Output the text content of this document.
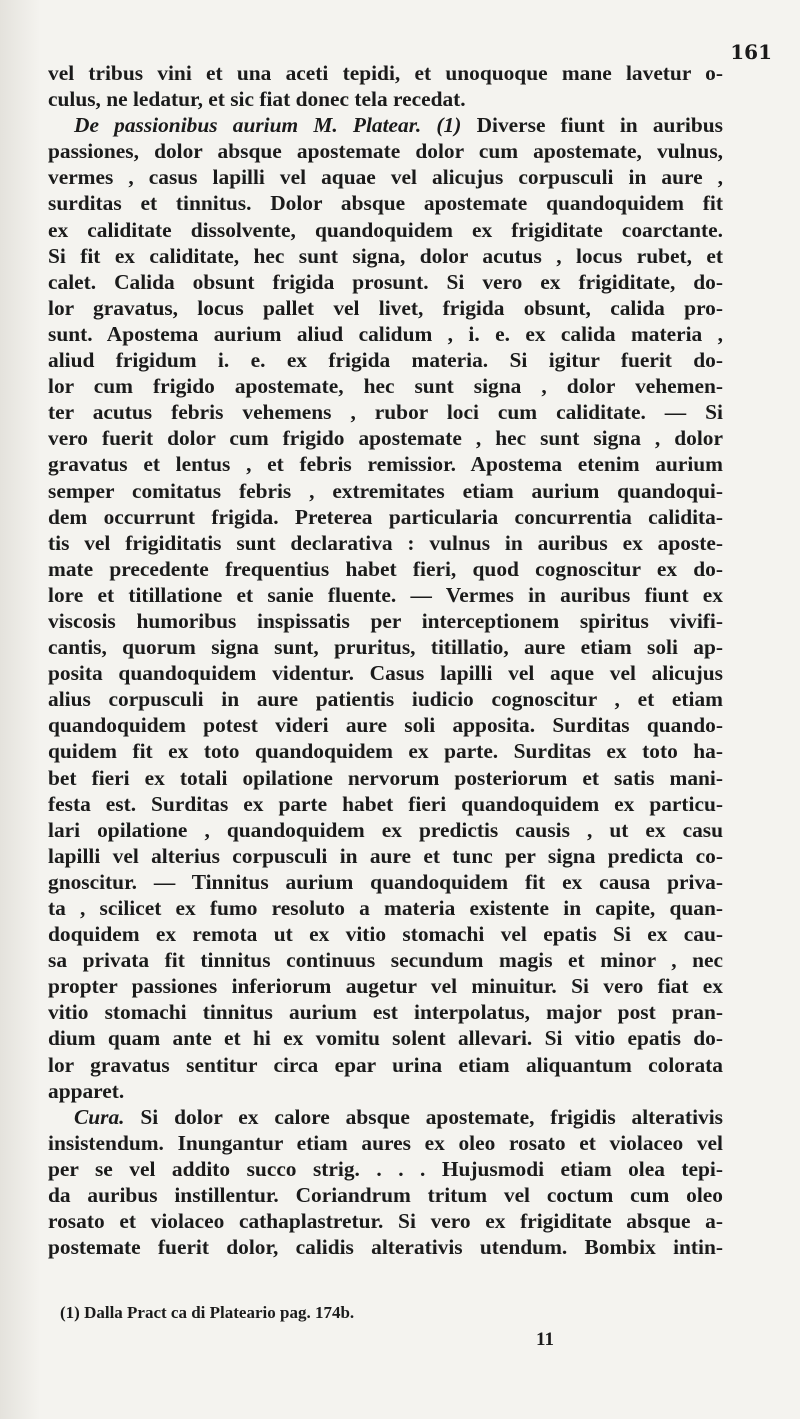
161

vel tribus vini et una aceti tepidi, et unoquoque mane lavetur o-

culus, ne ledatur, et sic fiat donec tela recedat.

De passionibus aurium M. Platear. (1) Diverse fiunt in auribus

passiones, dolor absque apostemate dolor cum apostemate, vulnus,

vermes , casus lapilli vel aquae vel alicujus corpusculi in aure ,

surditas et tinnitus. Dolor absque apostemate quandoquidem fit

ex caliditate dissolvente, quandoquidem ex frigiditate coarctante.

Si fit ex caliditate, hec sunt signa, dolor acutus , locus rubet, et

calet. Calida obsunt frigida prosunt. Si vero ex frigiditate, do-

lor gravatus, locus pallet vel livet, frigida obsunt, calida pro-

sunt. Apostema aurium aliud calidum , i. e. ex calida materia ,

aliud frigidum i. e. ex frigida materia. Si igitur fuerit do-

lor cum frigido apostemate, hec sunt signa , dolor vehemen-

ter acutus febris vehemens , rubor loci cum caliditate. — Si

vero fuerit dolor cum frigido apostemate , hec sunt signa , dolor

gravatus et lentus , et febris remissior. Apostema etenim aurium

semper comitatus febris , extremitates etiam aurium quandoqui-

dem occurrunt frigida. Preterea particularia concurrentia calidita-

tis vel frigiditatis sunt declarativa : vulnus in auribus ex aposte-

mate precedente frequentius habet fieri, quod cognoscitur ex do-

lore et titillatione et sanie fluente. — Vermes in auribus fiunt ex

viscosis humoribus inspissatis per interceptionem spiritus vivifi-

cantis, quorum signa sunt, pruritus, titillatio, aure etiam soli ap-

posita quandoquidem videntur. Casus lapilli vel aque vel alicujus

alius corpusculi in aure patientis iudicio cognoscitur , et etiam

quandoquidem potest videri aure soli apposita. Surditas quando-

quidem fit ex toto quandoquidem ex parte. Surditas ex toto ha-

bet fieri ex totali opilatione nervorum posteriorum et satis mani-

festa est. Surditas ex parte habet fieri quandoquidem ex particu-

lari opilatione , quandoquidem ex predictis causis , ut ex casu

lapilli vel alterius corpusculi in aure et tunc per signa predicta co-

gnoscitur. — Tinnitus aurium quandoquidem fit ex causa priva-

ta , scilicet ex fumo resoluto a materia existente in capite, quan-

doquidem ex remota ut ex vitio stomachi vel epatis Si ex cau-

sa privata fit tinnitus continuus secundum magis et minor , nec

propter passiones inferiorum augetur vel minuitur. Si vero fiat ex

vitio stomachi tinnitus aurium est interpolatus, major post pran-

dium quam ante et hi ex vomitu solent allevari. Si vitio epatis do-

lor gravatus sentitur circa epar urina etiam aliquantum colorata

apparet.

Cura. Si dolor ex calore absque apostemate, frigidis alterativis

insistendum. Inungantur etiam aures ex oleo rosato et violaceo vel

per se vel addito succo strig. . . . Hujusmodi etiam olea tepi-

da auribus instillentur. Coriandrum tritum vel coctum cum oleo

rosato et violaceo cathaplastretur. Si vero ex frigiditate absque a-

postemate fuerit dolor, calidis alterativis utendum. Bombix intin-

(1) Dalla Pract ca di Plateario pag. 174b.
11
